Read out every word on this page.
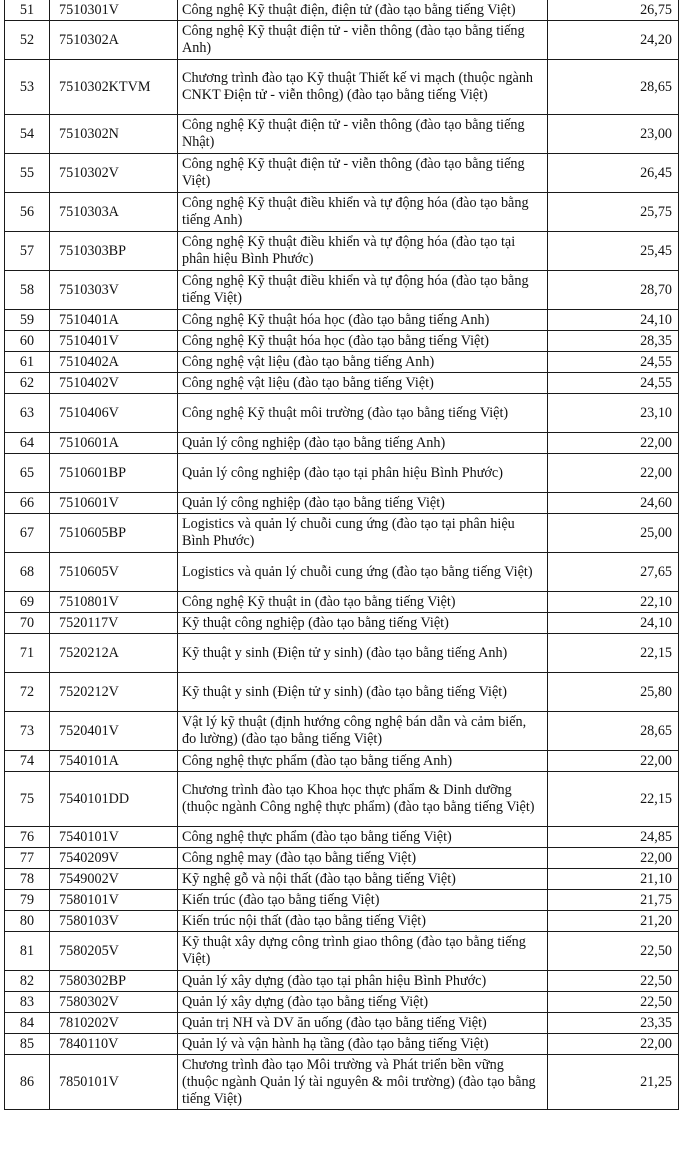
51	7510301V	Công nghệ Kỹ thuật điện, điện tử (đào tạo bằng tiếng Việt)	26,75
52	7510302A	Công nghệ Kỹ thuật điện tử - viễn thông (đào tạo bằng tiếng Anh)	24,20
53	7510302KTVM	Chương trình đào tạo Kỹ thuật Thiết kế vi mạch (thuộc ngành CNKT Điện tử - viễn thông) (đào tạo bằng tiếng Việt)	28,65
54	7510302N	Công nghệ Kỹ thuật điện tử - viễn thông (đào tạo bằng tiếng Nhật)	23,00
55	7510302V	Công nghệ Kỹ thuật điện tử - viễn thông (đào tạo bằng tiếng Việt)	26,45
56	7510303A	Công nghệ Kỹ thuật điều khiển và tự động hóa (đào tạo bằng tiếng Anh)	25,75
57	7510303BP	Công nghệ Kỹ thuật điều khiển và tự động hóa (đào tạo tại phân hiệu Bình Phước)	25,45
58	7510303V	Công nghệ Kỹ thuật điều khiển và tự động hóa (đào tạo bằng tiếng Việt)	28,70
59	7510401A	Công nghệ Kỹ thuật hóa học (đào tạo bằng tiếng Anh)	24,10
60	7510401V	Công nghệ Kỹ thuật hóa học (đào tạo bằng tiếng Việt)	28,35
61	7510402A	Công nghệ vật liệu (đào tạo bằng tiếng Anh)	24,55
62	7510402V	Công nghệ vật liệu (đào tạo bằng tiếng Việt)	24,55
63	7510406V	Công nghệ Kỹ thuật môi trường (đào tạo bằng tiếng Việt)	23,10
64	7510601A	Quản lý công nghiệp (đào tạo bằng tiếng Anh)	22,00
65	7510601BP	Quản lý công nghiệp (đào tạo tại phân hiệu Bình Phước)	22,00
66	7510601V	Quản lý công nghiệp (đào tạo bằng tiếng Việt)	24,60
67	7510605BP	Logistics và quản lý chuỗi cung ứng (đào tạo tại phân hiệu Bình Phước)	25,00
68	7510605V	Logistics và quản lý chuỗi cung ứng (đào tạo bằng tiếng Việt)	27,65
69	7510801V	Công nghệ Kỹ thuật in (đào tạo bằng tiếng Việt)	22,10
70	7520117V	Kỹ thuật công nghiệp (đào tạo bằng tiếng Việt)	24,10
71	7520212A	Kỹ thuật y sinh (Điện tử y sinh) (đào tạo bằng tiếng Anh)	22,15
72	7520212V	Kỹ thuật y sinh (Điện tử y sinh) (đào tạo bằng tiếng Việt)	25,80
73	7520401V	Vật lý kỹ thuật (định hướng công nghệ bán dẫn và cảm biến, đo lường) (đào tạo bằng tiếng Việt)	28,65
74	7540101A	Công nghệ thực phẩm (đào tạo bằng tiếng Anh)	22,00
75	7540101DD	Chương trình đào tạo Khoa học thực phẩm & Dinh dưỡng (thuộc ngành Công nghệ thực phẩm) (đào tạo bằng tiếng Việt)	22,15
76	7540101V	Công nghệ thực phẩm (đào tạo bằng tiếng Việt)	24,85
77	7540209V	Công nghệ may (đào tạo bằng tiếng Việt)	22,00
78	7549002V	Kỹ nghệ gỗ và nội thất (đào tạo bằng tiếng Việt)	21,10
79	7580101V	Kiến trúc (đào tạo bằng tiếng Việt)	21,75
80	7580103V	Kiến trúc nội thất (đào tạo bằng tiếng Việt)	21,20
81	7580205V	Kỹ thuật xây dựng công trình giao thông (đào tạo bằng tiếng Việt)	22,50
82	7580302BP	Quản lý xây dựng (đào tạo tại phân hiệu Bình Phước)	22,50
83	7580302V	Quản lý xây dựng (đào tạo bằng tiếng Việt)	22,50
84	7810202V	Quản trị NH và DV ăn uống (đào tạo bằng tiếng Việt)	23,35
85	7840110V	Quản lý và vận hành hạ tầng (đào tạo bằng tiếng Việt)	22,00
86	7850101V	Chương trình đào tạo Môi trường và Phát triển bền vững (thuộc ngành Quản lý tài nguyên & môi trường) (đào tạo bằng tiếng Việt)	21,25
